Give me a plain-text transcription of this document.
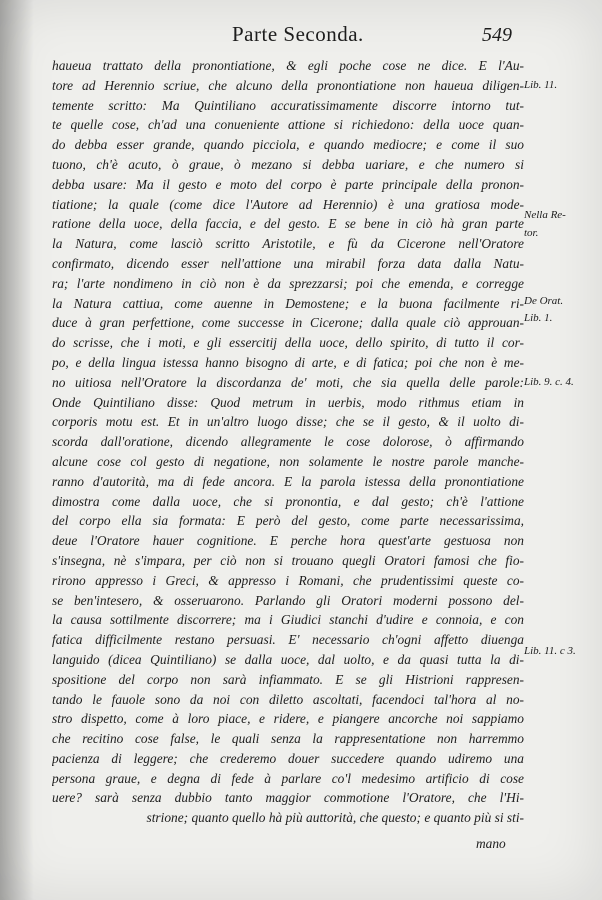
Parte Seconda.	549
haueua trattato della pronontiatione, & egli poche cose ne dice. E l'Au-
tore ad Herennio scriue, che alcuno della pronontiatione non haueua diligen-
temente scritto: Ma Quintiliano accuratissimamente discorre intorno tut-
te quelle cose, ch'ad una conueniente attione si richiedono: della uoce quan-
do debba esser grande, quando picciola, e quando mediocre; e come il suo
tuono, ch'è acuto, ò graue, ò mezano si debba uariare, e che numero si
debba usare: Ma il gesto e moto del corpo è parte principale della pronon-
tiatione; la quale (come dice l'Autore ad Herennio) è una gratiosa mode-
ratione della uoce, della faccia, e del gesto. E se bene in ciò hà gran parte
la Natura, come lasciò scritto Aristotile, e fù da Cicerone nell'Oratore
confirmato, dicendo esser nell'attione una mirabil forza data dalla Natu-
ra; l'arte nondimeno in ciò non è da sprezzarsi; poi che emenda, e corregge
la Natura cattiua, come auenne in Demostene; e la buona facilmente ri-
duce à gran perfettione, come successe in Cicerone; dalla quale ciò approuan-
do scrisse, che i moti, e gli essercitij della uoce, dello spirito, di tutto il cor-
po, e della lingua istessa hanno bisogno di arte, e di fatica; poi che non è me-
no uitiosa nell'Oratore la discordanza de' moti, che sia quella delle parole:
Onde Quintiliano disse: Quod metrum in uerbis, modo rithmus etiam in
corporis motu est. Et in un'altro luogo disse; che se il gesto, & il uolto di-
scorda dall'oratione, dicendo allegramente le cose dolorose, ò affirmando
alcune cose col gesto di negatione, non solamente le nostre parole manche-
ranno d'autorità, ma di fede ancora. E la parola istessa della pronontiatione
dimostra come dalla uoce, che si pronontia, e dal gesto; ch'è l'attione
del corpo ella sia formata: E però del gesto, come parte necessarissima,
deue l'Oratore hauer cognitione. E perche hora quest'arte gestuosa non
s'insegna, nè s'impara, per ciò non si trouano quegli Oratori famosi che fio-
rirono appresso i Greci, & appresso i Romani, che prudentissimi queste co-
se ben'intesero, & osseruarono. Parlando gli Oratori moderni possono del-
la causa sottilmente discorrere; ma i Giudici stanchi d'udire e connoia, e con
fatica difficilmente restano persuasi. E' necessario ch'ogni affetto diuenga
languido (dicea Quintiliano) se dalla uoce, dal uolto, e da quasi tutta la di-
spositione del corpo non sarà infiammato. E se gli Histrioni rappresen-
tando le fauole sono da noi con diletto ascoltati, facendoci tal'hora al no-
stro dispetto, come à loro piace, e ridere, e piangere ancorche noi sappiamo
che recitino cose false, le quali senza la rappresentatione non harremmo
pacienza di leggere; che crederemo douer succedere quando udiremo una
persona graue, e degna di fede à parlare co'l medesimo artificio di cose
uere? sarà senza dubbio tanto maggior commotione l'Oratore, che l'Hi-
strione; quanto quello hà più auttorità, che questo; e quanto più si sti-
Lib. 11.
Nella Re-
tor.
De Orat.
Lib. 1.
Lib. 9. c. 4.
Lib. 11. c 3.
mano
